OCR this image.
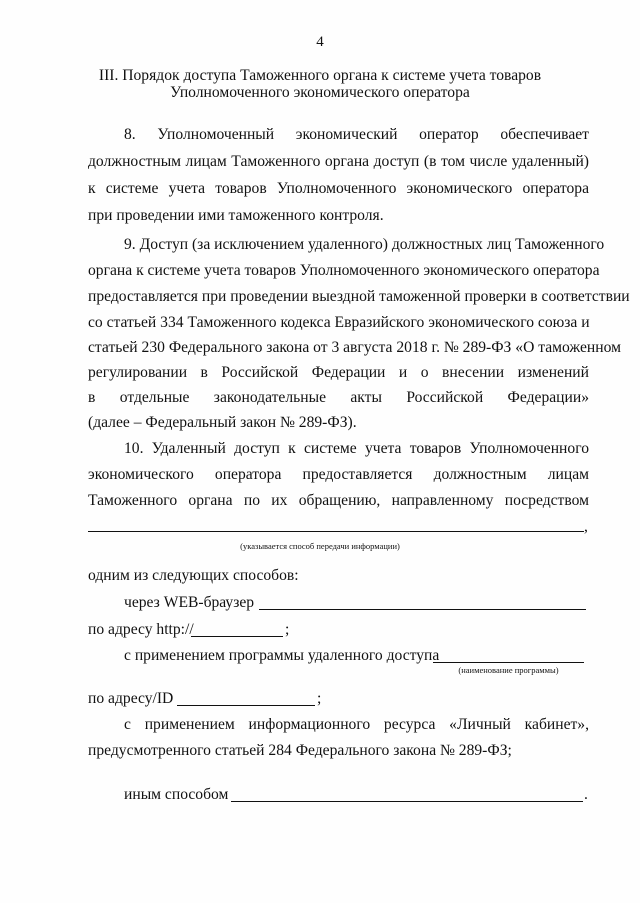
4
III. Порядок доступа Таможенного органа к системе учета товаров
Уполномоченного экономического оператора
8. Уполномоченный экономический оператор обеспечивает
должностным лицам Таможенного органа доступ (в том числе удаленный)
к системе учета товаров Уполномоченного экономического оператора
при проведении ими таможенного контроля.
9. Доступ (за исключением удаленного) должностных лиц Таможенного
органа к системе учета товаров Уполномоченного экономического оператора
предоставляется при проведении выездной таможенной проверки в соответствии
со статьей 334 Таможенного кодекса Евразийского экономического союза и
статьей 230 Федерального закона от 3 августа 2018 г. № 289-ФЗ «О таможенном
регулировании в Российской Федерации и о внесении изменений
в отдельные законодательные акты Российской Федерации»
(далее – Федеральный закон № 289-ФЗ).
10. Удаленный доступ к системе учета товаров Уполномоченного
экономического оператора предоставляется должностным лицам
Таможенного органа по их обращению, направленному посредством
,
(указывается способ передачи информации)
одним из следующих способов:
через WEB-браузер
по адресу http://	;
с применением программы удаленного доступа
(наименование программы)
по адресу/ID	;
с применением информационного ресурса «Личный кабинет»,
предусмотренного статьей 284 Федерального закона № 289-ФЗ;
иным способом	.
